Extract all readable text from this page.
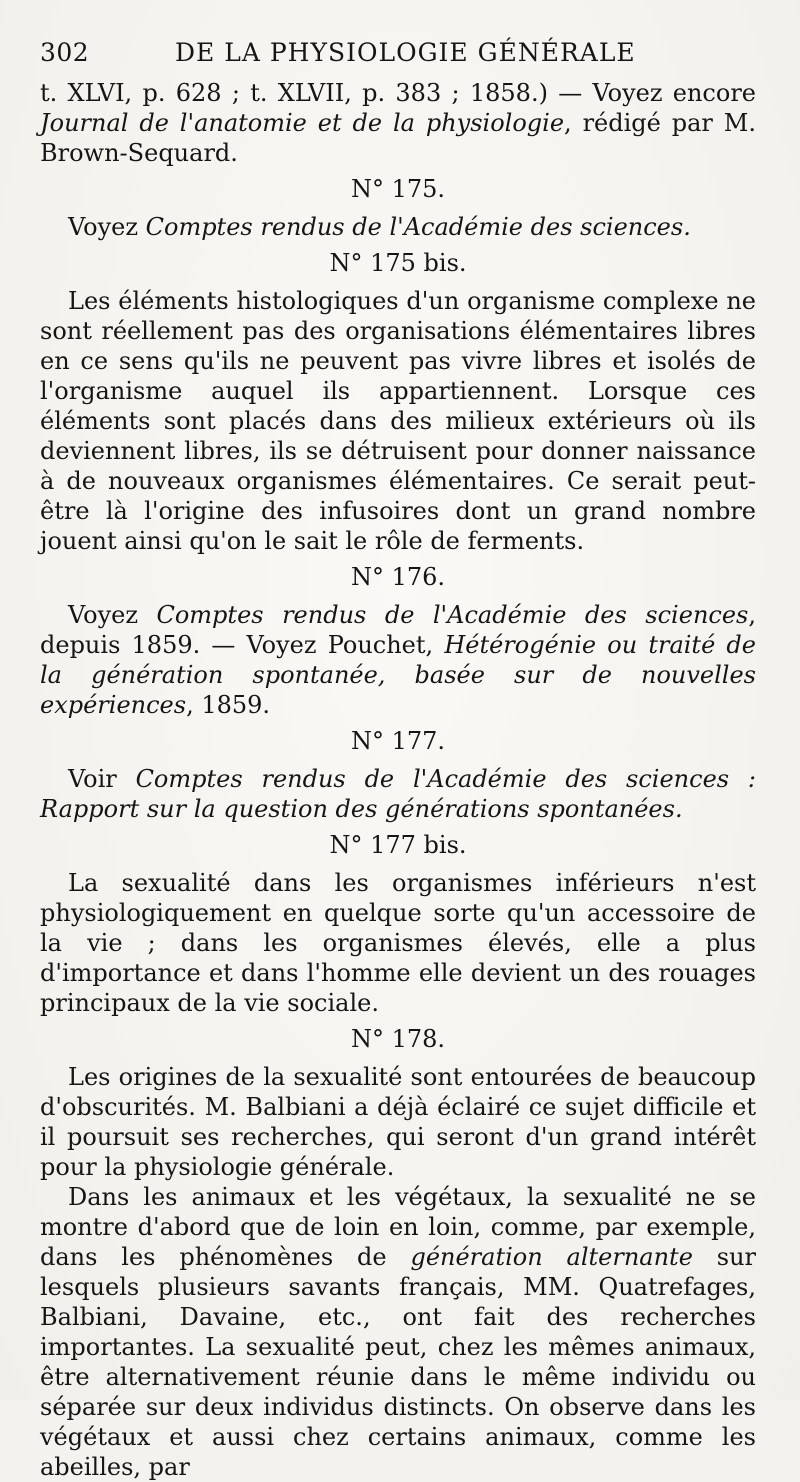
302	DE LA PHYSIOLOGIE GÉNÉRALE

t. XLVI, p. 628 ; t. XLVII, p. 383 ; 1858.) — Voyez encore Journal de l'anatomie et de la physiologie, rédigé par M. Brown-Sequard.

N° 175.

Voyez Comptes rendus de l'Académie des sciences.

N° 175 bis.

Les éléments histologiques d'un organisme complexe ne sont réellement pas des organisations élémentaires libres en ce sens qu'ils ne peuvent pas vivre libres et isolés de l'organisme auquel ils appartiennent. Lorsque ces éléments sont placés dans des milieux extérieurs où ils deviennent libres, ils se détruisent pour donner naissance à de nouveaux organismes élémentaires. Ce serait peut-être là l'origine des infusoires dont un grand nombre jouent ainsi qu'on le sait le rôle de ferments.

N° 176.

Voyez Comptes rendus de l'Académie des sciences, depuis 1859. — Voyez Pouchet, Hétérogénie ou traité de la génération spontanée, basée sur de nouvelles expériences, 1859.

N° 177.

Voir Comptes rendus de l'Académie des sciences : Rapport sur la question des générations spontanées.

N° 177 bis.

La sexualité dans les organismes inférieurs n'est physiologiquement en quelque sorte qu'un accessoire de la vie ; dans les organismes élevés, elle a plus d'importance et dans l'homme elle devient un des rouages principaux de la vie sociale.

N° 178.

Les origines de la sexualité sont entourées de beaucoup d'obscurités. M. Balbiani a déjà éclairé ce sujet difficile et il poursuit ses recherches, qui seront d'un grand intérêt pour la physiologie générale.

Dans les animaux et les végétaux, la sexualité ne se montre d'abord que de loin en loin, comme, par exemple, dans les phénomènes de génération alternante sur lesquels plusieurs savants français, MM. Quatrefages, Balbiani, Davaine, etc., ont fait des recherches importantes. La sexualité peut, chez les mêmes animaux, être alternativement réunie dans le même individu ou séparée sur deux individus distincts. On observe dans les végétaux et aussi chez certains animaux, comme les abeilles, par
